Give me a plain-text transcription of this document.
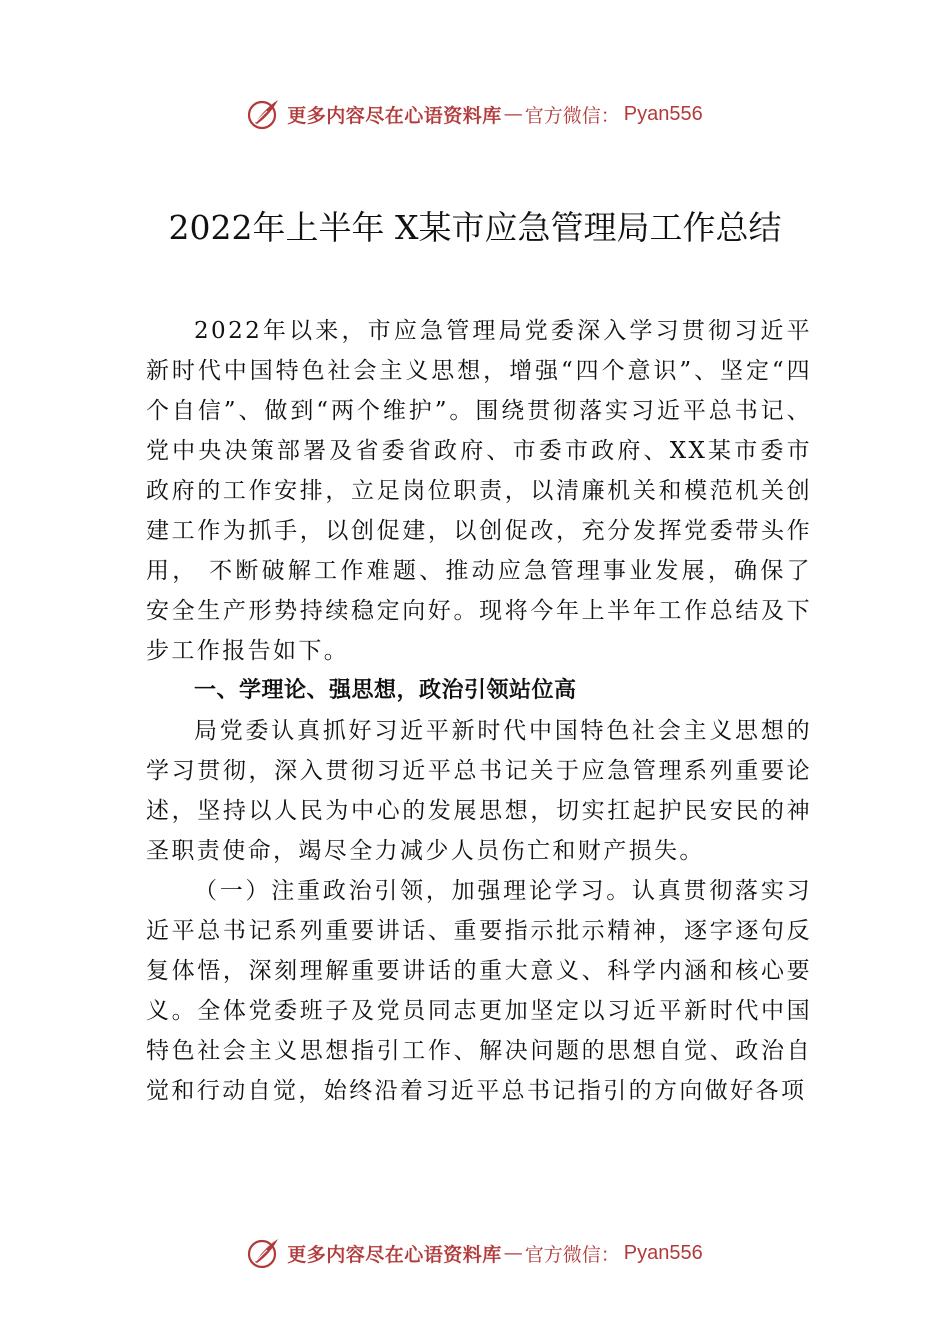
更多内容尽在心语资料库 — 官方微信： Pyan556
2022年上半年 X某市应急管理局工作总结

2022年以来，市应急管理局党委深入学习贯彻习近平新时代中国特色社会主义思想，增强“四个意识”、坚定“四个自信”、做到“两个维护”。围绕贯彻落实习近平总书记、党中央决策部署及省委省政府、市委市政府、XX某市委市政府的工作安排，立足岗位职责，以清廉机关和模范机关创建工作为抓手，以创促建，以创促改，充分发挥党委带头作用， 不断破解工作难题、推动应急管理事业发展，确保了安全生产形势持续稳定向好。现将今年上半年工作总结及下步工作报告如下。

一、学理论、强思想，政治引领站位高

局党委认真抓好习近平新时代中国特色社会主义思想的学习贯彻，深入贯彻习近平总书记关于应急管理系列重要论述，坚持以人民为中心的发展思想，切实扛起护民安民的神圣职责使命，竭尽全力减少人员伤亡和财产损失。

（一）注重政治引领，加强理论学习。认真贯彻落实习近平总书记系列重要讲话、重要指示批示精神，逐字逐句反复体悟，深刻理解重要讲话的重大意义、科学内涵和核心要义。全体党委班子及党员同志更加坚定以习近平新时代中国特色社会主义思想指引工作、解决问题的思想自觉、政治自觉和行动自觉，始终沿着习近平总书记指引的方向做好各项

更多内容尽在心语资料库 — 官方微信： Pyan556
